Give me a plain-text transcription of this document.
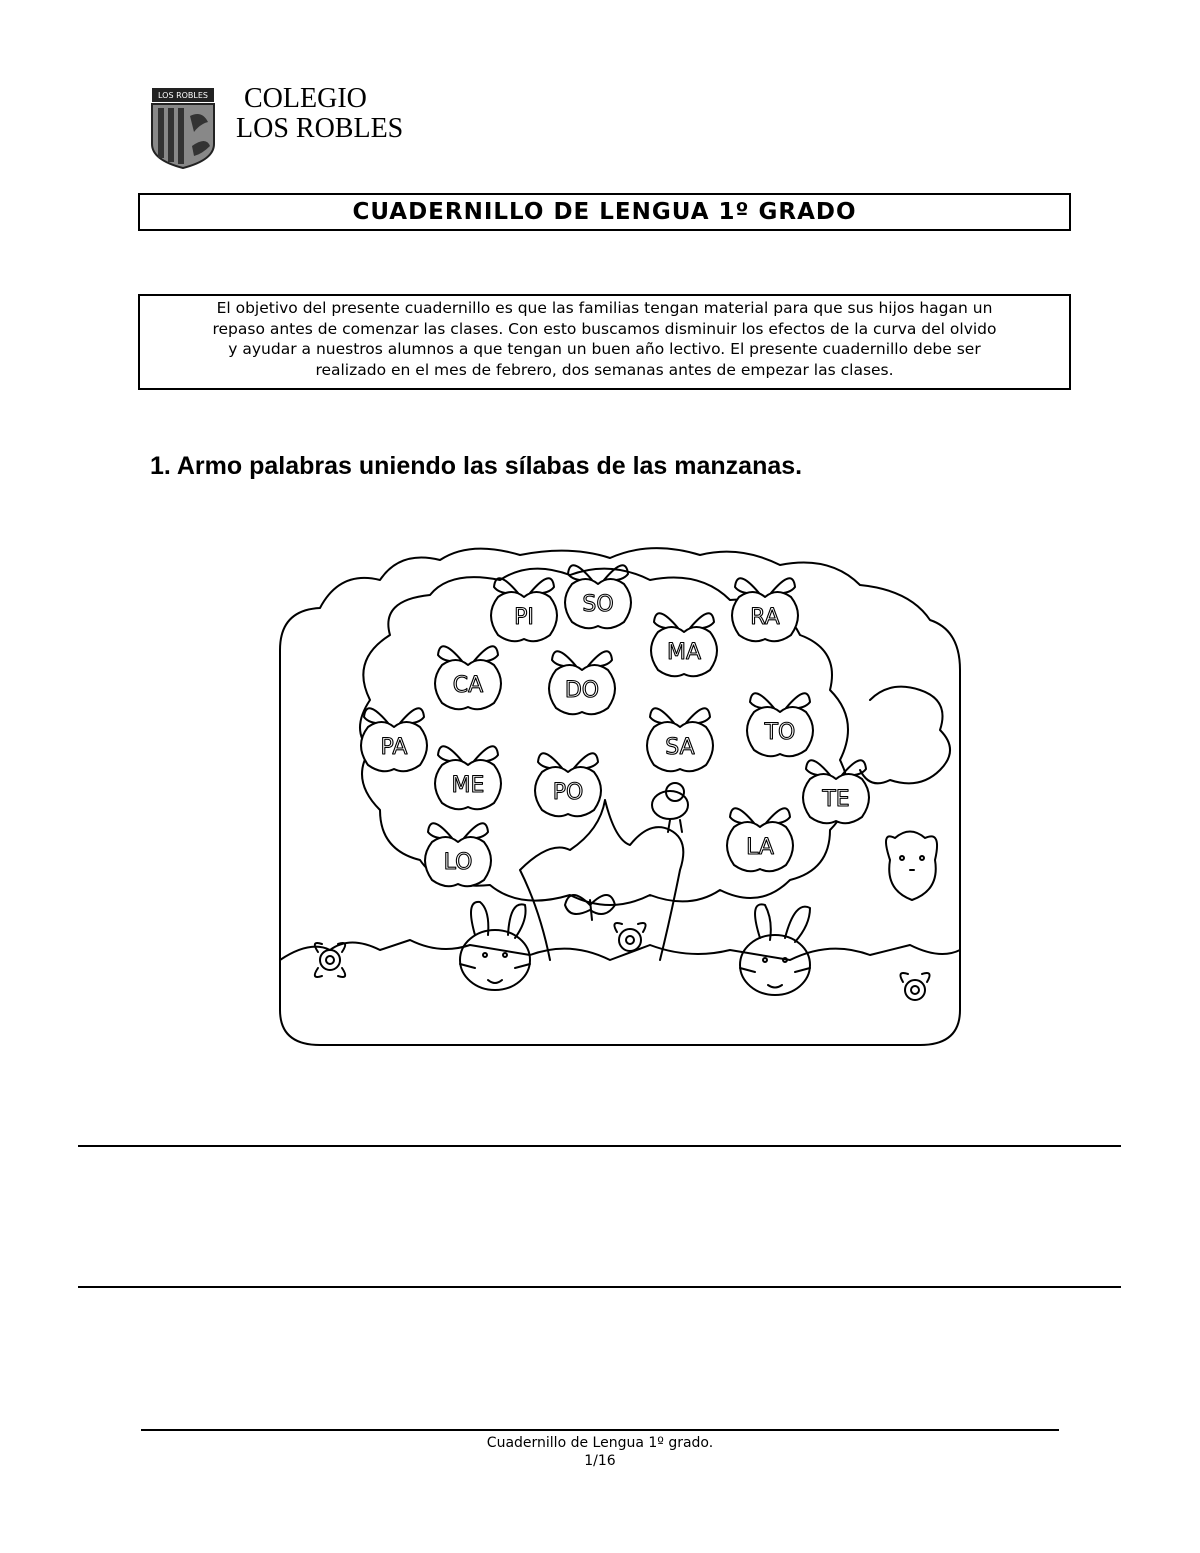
LOS ROBLES COLEGIO
LOS ROBLES
CUADERNILLO DE LENGUA 1º GRADO
El objetivo del presente cuadernillo es que las familias tengan material para que sus hijos hagan un
repaso antes de comenzar las clases. Con esto buscamos disminuir los efectos de la curva del olvido
y ayudar a nuestros alumnos a que tengan un buen año lectivo. El presente cuadernillo debe ser
realizado en el mes de febrero, dos semanas antes de empezar las clases.
1. Armo palabras uniendo las sílabas de las manzanas.
PI
SO
RA
MA
CA	DO
PA	SA
TO
ME	PO	TE
LO
LA
Cuadernillo de Lengua 1º grado.
1/16
